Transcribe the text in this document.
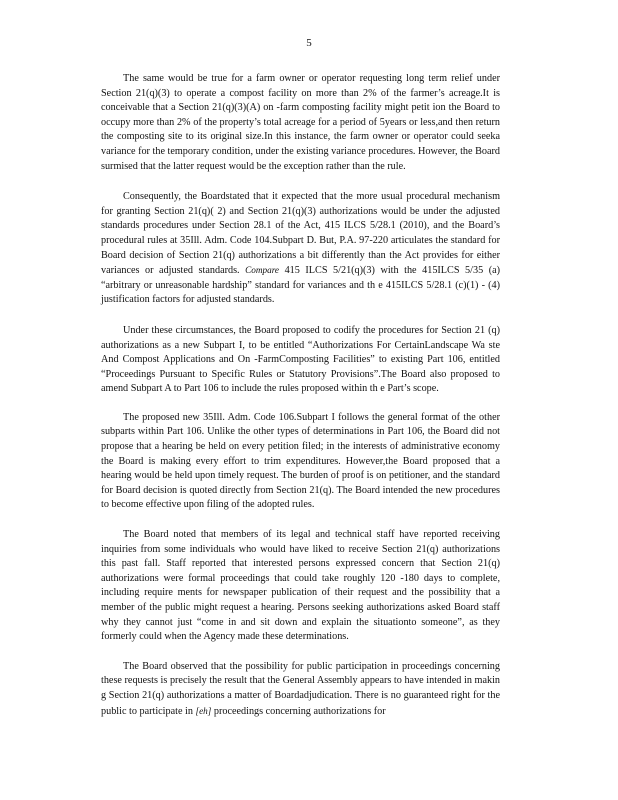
5

The same would be true for a farm owner or operator requesting long term relief under Section 21(q)(3) to operate a compost facility on more than 2% of the farmer’s acreage.It is conceivable that a Section 21(q)(3)(A) on -farm composting facility might petit ion the Board to occupy more than 2% of the property’s total acreage for a period of 5years or less,and then return the composting site to its original size.In this instance, the farm owner or operator could seeka variance for the temporary condition, under the existing variance procedures. However, the Board surmised that the latter request would be the exception rather than the rule.

Consequently, the Boardstated that it expected that the more usual procedural mechanism for granting Section 21(q)( 2) and Section 21(q)(3) authorizations would be under the adjusted standards procedures under Section 28.1 of the Act, 415 ILCS 5/28.1 (2010), and the Board’s procedural rules at 35Ill. Adm. Code 104.Subpart D. But, P.A. 97-220 articulates the standard for Board decision of Section 21(q) authorizations a bit differently than the Act provides for either variances or adjusted standards. Compare 415 ILCS 5/21(q)(3) with the 415ILCS 5/35 (a) “arbitrary or unreasonable hardship” standard for variances and th e 415ILCS 5/28.1 (c)(1) - (4) justification factors for adjusted standards.

Under these circumstances, the Board proposed to codify the procedures for Section 21 (q) authorizations as a new Subpart I, to be entitled “Authorizations For CertainLandscape Wa ste And Compost Applications and On -FarmComposting Facilities” to existing Part 106, entitled “Proceedings Pursuant to Specific Rules or Statutory Provisions”.The Board also proposed to amend Subpart A to Part 106 to include the rules proposed within th e Part’s scope.

The proposed new 35Ill. Adm. Code 106.Subpart I follows the general format of the other subparts within Part 106. Unlike the other types of determinations in Part 106, the Board did not propose that a hearing be held on every petition filed; in the interests of administrative economy the Board is making every effort to trim expenditures. However,the Board proposed that a hearing would be held upon timely request. The burden of proof is on petitioner, and the standard for Board decision is quoted directly from Section 21(q). The Board intended the new procedures to become effective upon filing of the adopted rules.

The Board noted that members of its legal and technical staff have reported receiving inquiries from some individuals who would have liked to receive Section 21(q) authorizations this past fall. Staff reported that interested persons expressed concern that Section 21(q) authorizations were formal proceedings that could take roughly 120 -180 days to complete, including require ments for newspaper publication of their request and the possibility that a member of the public might request a hearing. Persons seeking authorizations asked Board staff why they cannot just “come in and sit down and explain the situationto someone”, as they formerly could when the Agency made these determinations.

The Board observed that the possibility for public participation in proceedings concerning these requests is precisely the result that the General Assembly appears to have intended in makin g Section 21(q) authorizations a matter of Boardadjudication. There is no guaranteed right for the public to participate in [eh] proceedings concerning authorizations for
